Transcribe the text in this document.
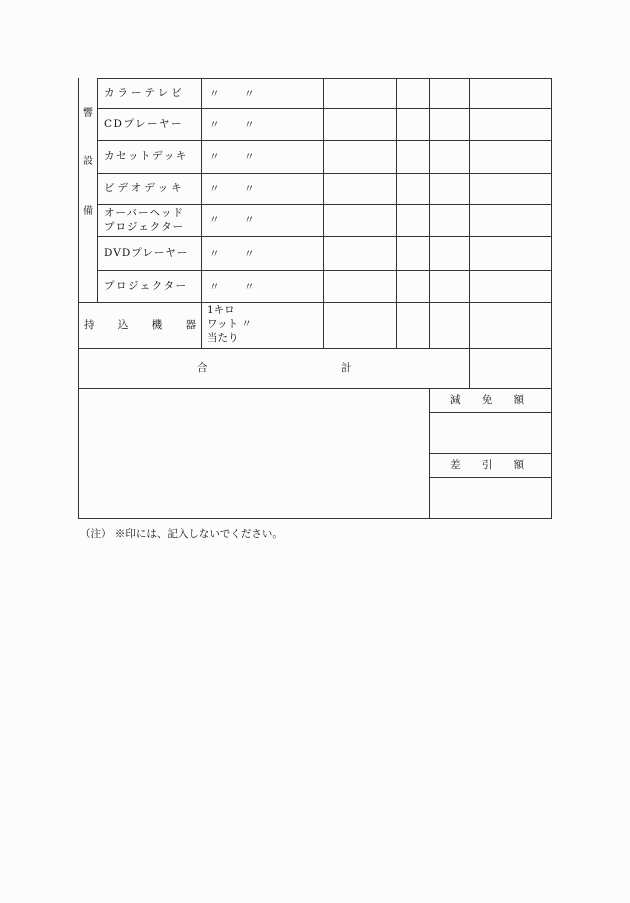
響
設
備
カラーテレビ 〃 〃
CDプレーヤー 〃 〃
カセットデッキ 〃 〃
ビデオデッキ 〃 〃
オーバーヘッド
プロジェクター
〃 〃
DVDプレーヤー 〃 〃
プロジェクター 〃 〃
持 込 機 器
1キロ
ワット 〃
当たり
合	計
減 免 額
差 引 額
（注） ※印には、記入しないでください。
